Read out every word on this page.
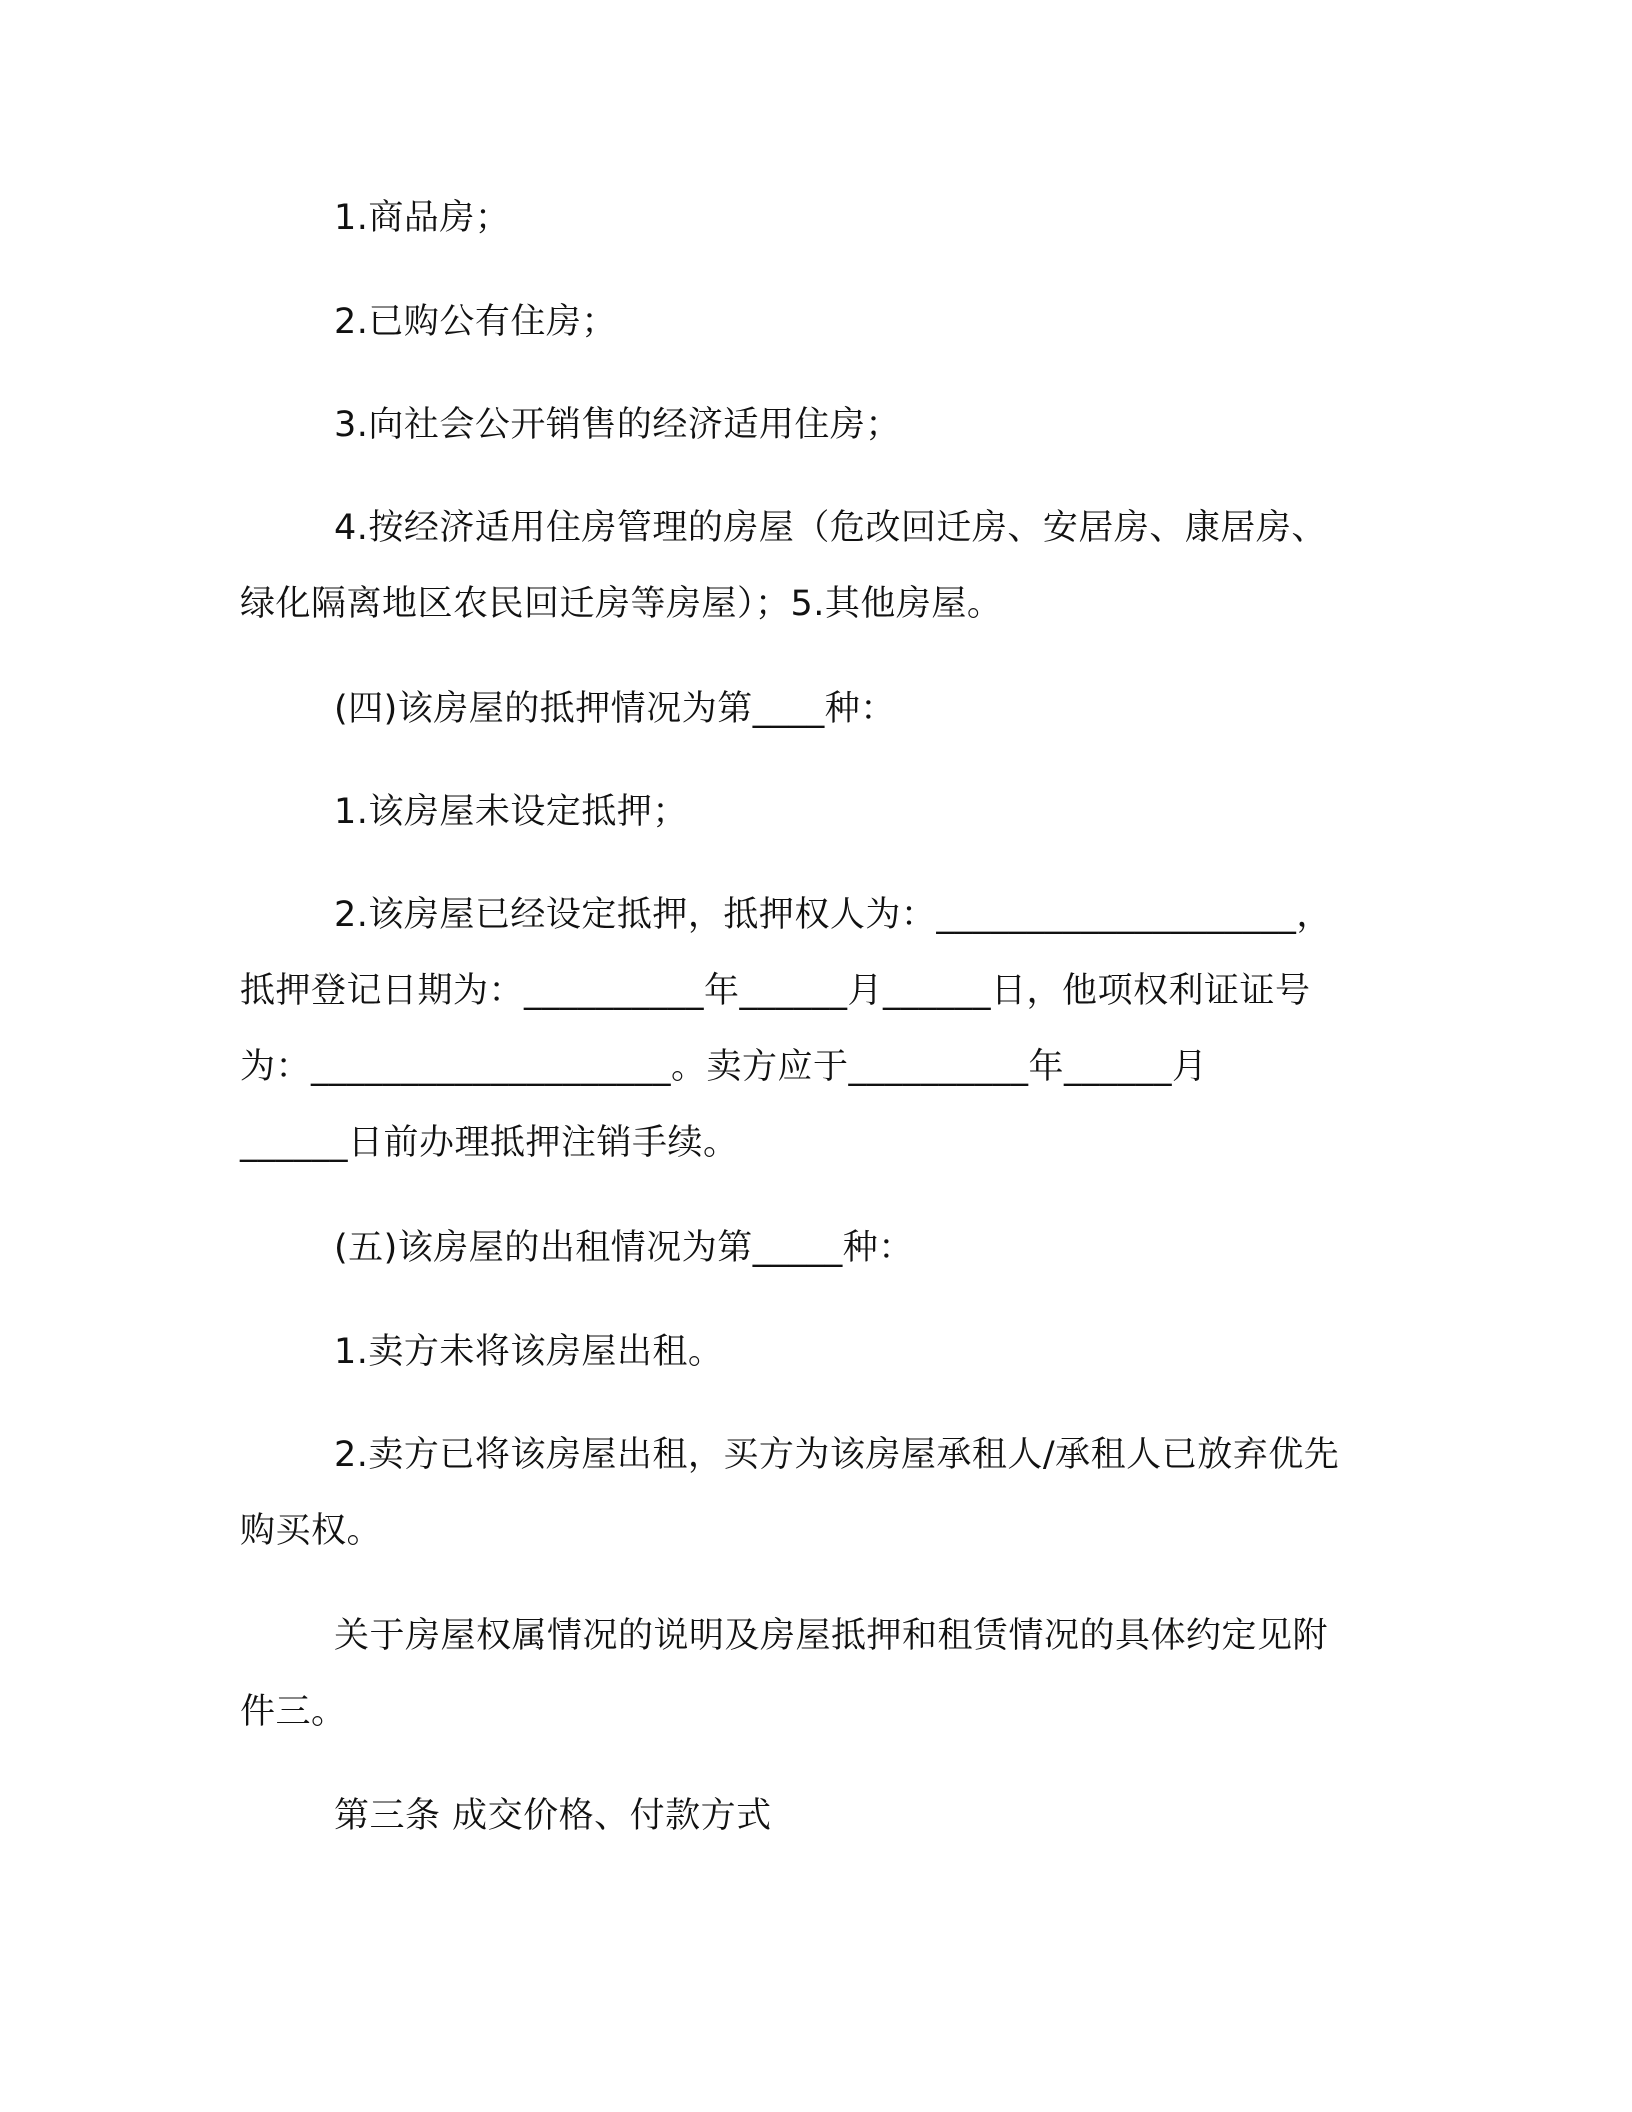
1.商品房；

2.已购公有住房；

3.向社会公开销售的经济适用住房；

4.按经济适用住房管理的房屋（危改回迁房、安居房、康居房、
绿化隔离地区农民回迁房等房屋）；5.其他房屋。

(四)该房屋的抵押情况为第____种：

1.该房屋未设定抵押；

2.该房屋已经设定抵押，抵押权人为：____________________，
抵押登记日期为：__________年______月______日，他项权利证证号
为：____________________。卖方应于__________年______月
______日前办理抵押注销手续。

(五)该房屋的出租情况为第_____种：

1.卖方未将该房屋出租。

2.卖方已将该房屋出租，买方为该房屋承租人/承租人已放弃优先
购买权。

关于房屋权属情况的说明及房屋抵押和租赁情况的具体约定见附
件三。

第三条 成交价格、付款方式
